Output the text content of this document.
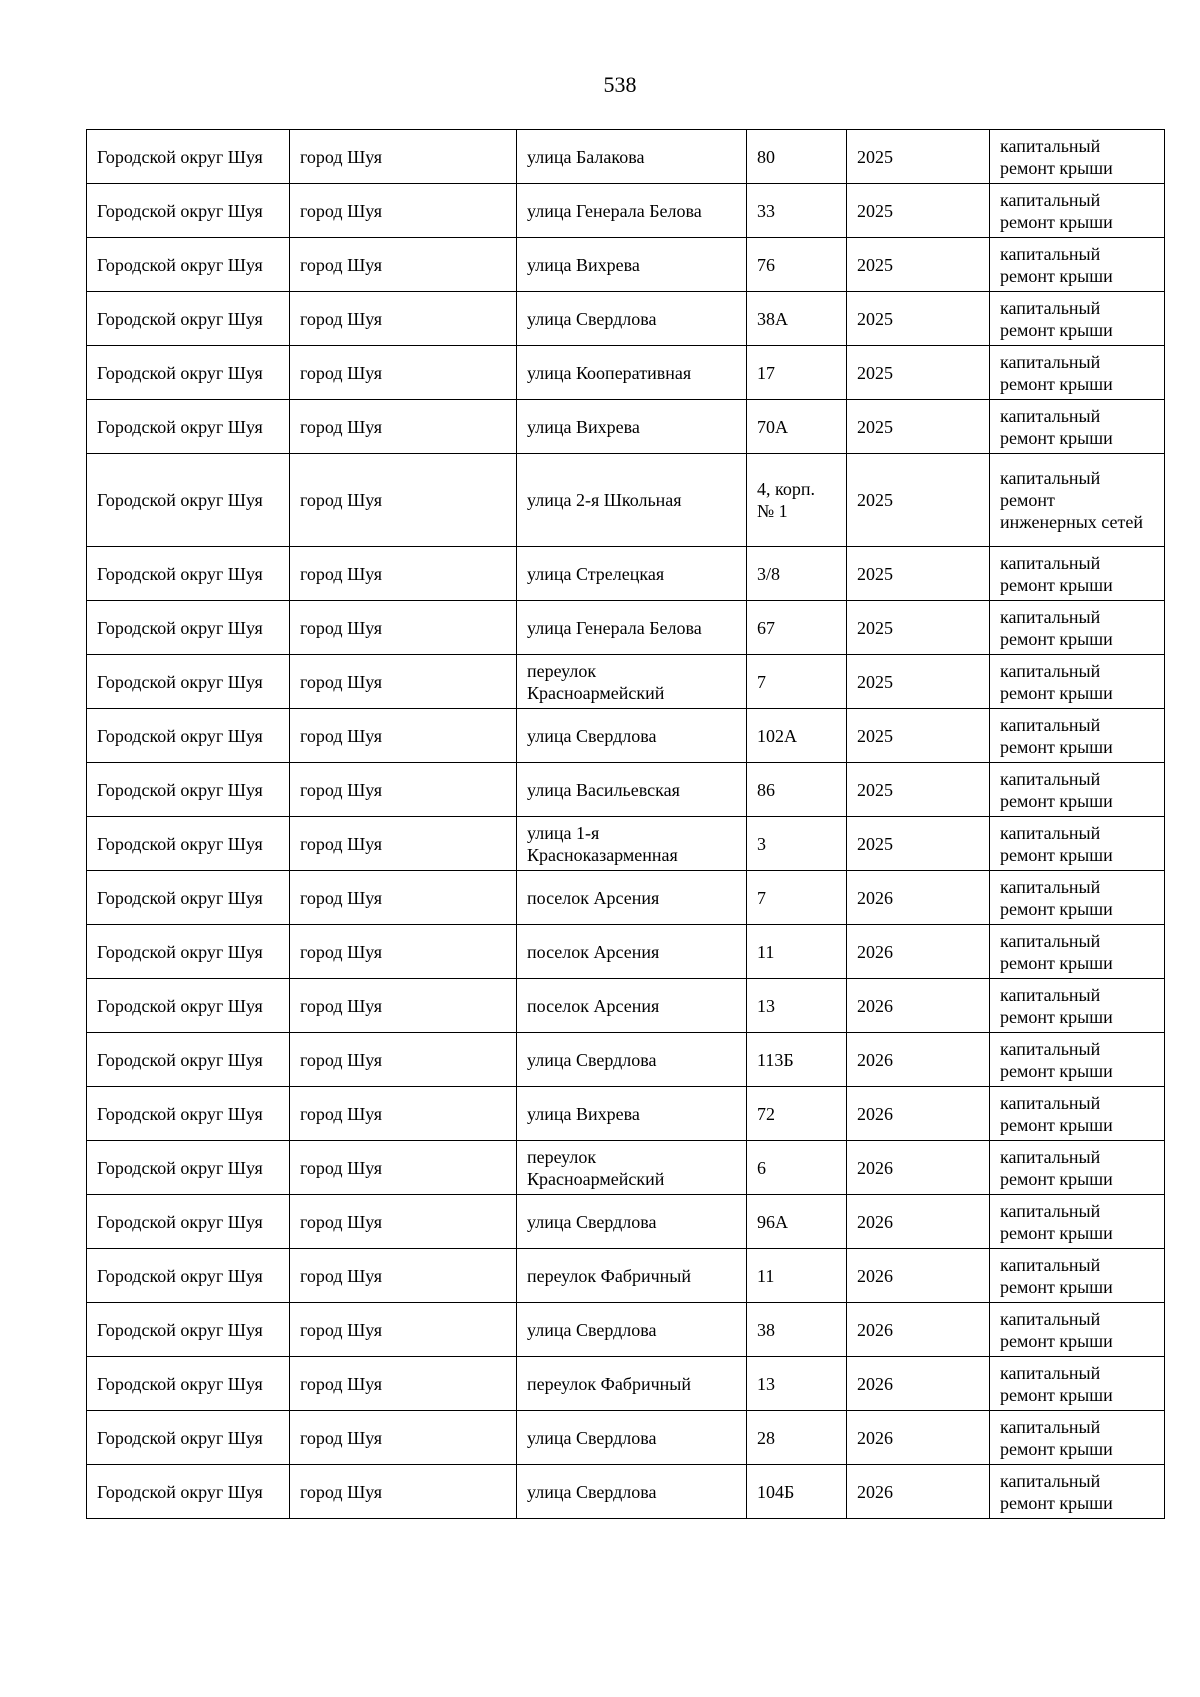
538
Городской округ Шуя	город Шуя	улица Балакова	80	2025	капитальный ремонт крыши
Городской округ Шуя	город Шуя	улица Генерала Белова	33	2025	капитальный ремонт крыши
Городской округ Шуя	город Шуя	улица Вихрева	76	2025	капитальный ремонт крыши
Городской округ Шуя	город Шуя	улица Свердлова	38А	2025	капитальный ремонт крыши
Городской округ Шуя	город Шуя	улица Кооперативная	17	2025	капитальный ремонт крыши
Городской округ Шуя	город Шуя	улица Вихрева	70А	2025	капитальный ремонт крыши
Городской округ Шуя	город Шуя	улица 2-я Школьная	4, корп. № 1	2025	капитальный ремонт инженерных сетей
Городской округ Шуя	город Шуя	улица Стрелецкая	3/8	2025	капитальный ремонт крыши
Городской округ Шуя	город Шуя	улица Генерала Белова	67	2025	капитальный ремонт крыши
Городской округ Шуя	город Шуя	переулок Красноармейский	7	2025	капитальный ремонт крыши
Городской округ Шуя	город Шуя	улица Свердлова	102А	2025	капитальный ремонт крыши
Городской округ Шуя	город Шуя	улица Васильевская	86	2025	капитальный ремонт крыши
Городской округ Шуя	город Шуя	улица 1-я Красноказарменная	3	2025	капитальный ремонт крыши
Городской округ Шуя	город Шуя	поселок Арсения	7	2026	капитальный ремонт крыши
Городской округ Шуя	город Шуя	поселок Арсения	11	2026	капитальный ремонт крыши
Городской округ Шуя	город Шуя	поселок Арсения	13	2026	капитальный ремонт крыши
Городской округ Шуя	город Шуя	улица Свердлова	113Б	2026	капитальный ремонт крыши
Городской округ Шуя	город Шуя	улица Вихрева	72	2026	капитальный ремонт крыши
Городской округ Шуя	город Шуя	переулок Красноармейский	6	2026	капитальный ремонт крыши
Городской округ Шуя	город Шуя	улица Свердлова	96А	2026	капитальный ремонт крыши
Городской округ Шуя	город Шуя	переулок Фабричный	11	2026	капитальный ремонт крыши
Городской округ Шуя	город Шуя	улица Свердлова	38	2026	капитальный ремонт крыши
Городской округ Шуя	город Шуя	переулок Фабричный	13	2026	капитальный ремонт крыши
Городской округ Шуя	город Шуя	улица Свердлова	28	2026	капитальный ремонт крыши
Городской округ Шуя	город Шуя	улица Свердлова	104Б	2026	капитальный ремонт крыши
